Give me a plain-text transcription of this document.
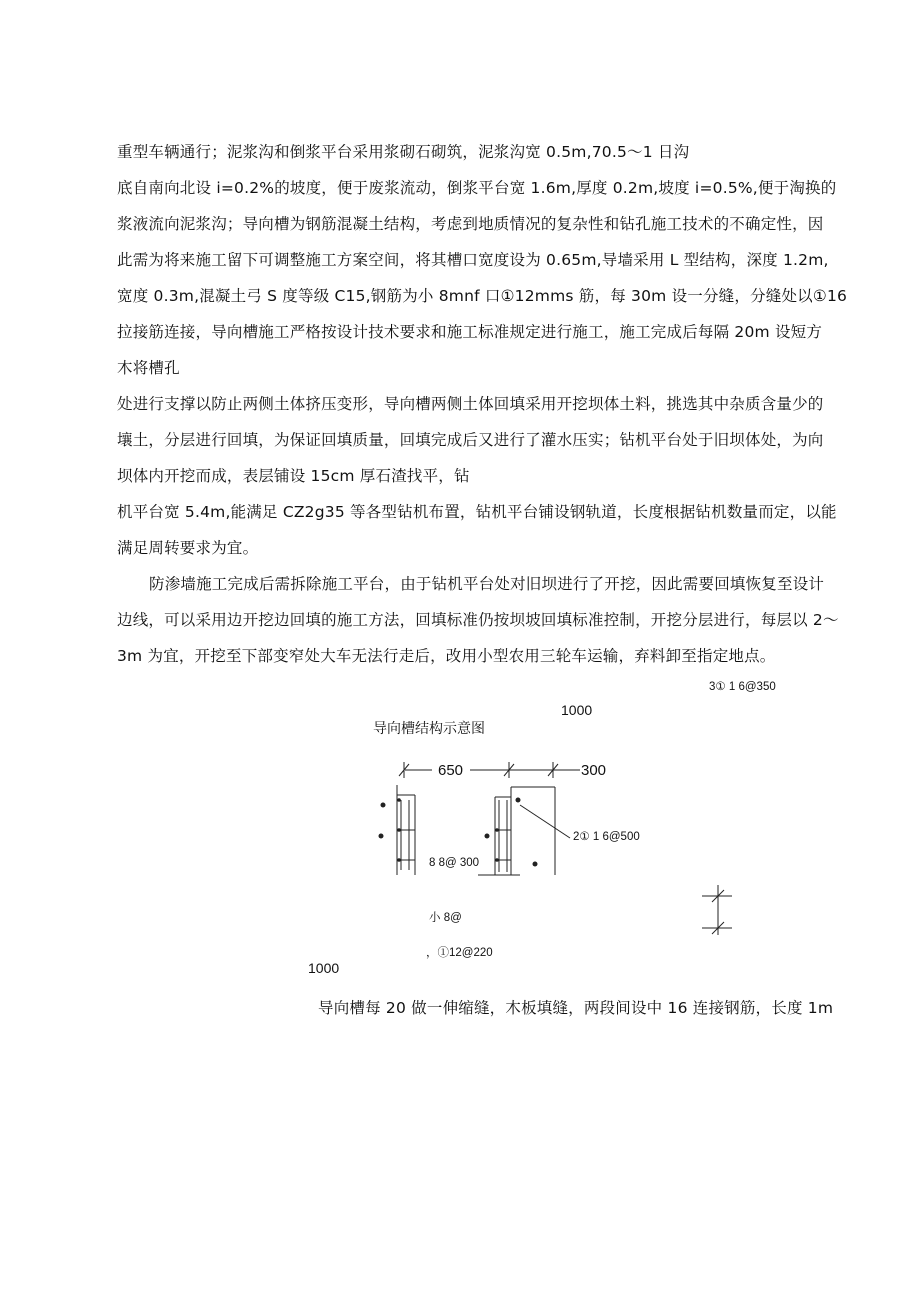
重型车辆通行；泥浆沟和倒浆平台采用浆砌石砌筑，泥浆沟宽 0.5m,70.5～1 日沟
底自南向北设 i=0.2%的坡度，便于废浆流动，倒浆平台宽 1.6m,厚度 0.2m,坡度 i=0.5%,便于淘换的
浆液流向泥浆沟；导向槽为钢筋混凝土结构，考虑到地质情况的复杂性和钻孔施工技术的不确定性，因
此需为将来施工留下可调整施工方案空间，将其槽口宽度设为 0.65m,导墙采用 L 型结构，深度 1.2m,
宽度 0.3m,混凝土弓 S 度等级 C15,钢筋为小 8mnf 口①12mms 筋，每 30m 设一分缝，分缝处以①16
拉接筋连接，导向槽施工严格按设计技术要求和施工标准规定进行施工，施工完成后每隔 20m 设短方
木将槽孔
处进行支撑以防止两侧土体挤压变形，导向槽两侧土体回填采用开挖坝体土料，挑选其中杂质含量少的
壤土，分层进行回填，为保证回填质量，回填完成后又进行了灌水压实；钻机平台处于旧坝体处，为向
坝体内开挖而成，表层铺设 15cm 厚石渣找平，钻
机平台宽 5.4m,能满足 CZ2g35 等各型钻机布置，钻机平台铺设钢轨道，长度根据钻机数量而定，以能
满足周转要求为宜。
防渗墙施工完成后需拆除施工平台，由于钻机平台处对旧坝进行了开挖，因此需要回填恢复至设计
边线，可以采用边开挖边回填的施工方法，回填标准仍按坝坡回填标准控制，开挖分层进行，每层以 2～
3m 为宜，开挖至下部变窄处大车无法行走后，改用小型农用三轮车运输，弃料卸至指定地点。
3① 1 6@350
1000
导向槽结构示意图
650	300
2① 1 6@500
8 8@ 300
小 8@
，①12@220
1000
导向槽每 20 做一伸缩缝，木板填缝，两段间设中 16 连接钢筋，长度 1m
